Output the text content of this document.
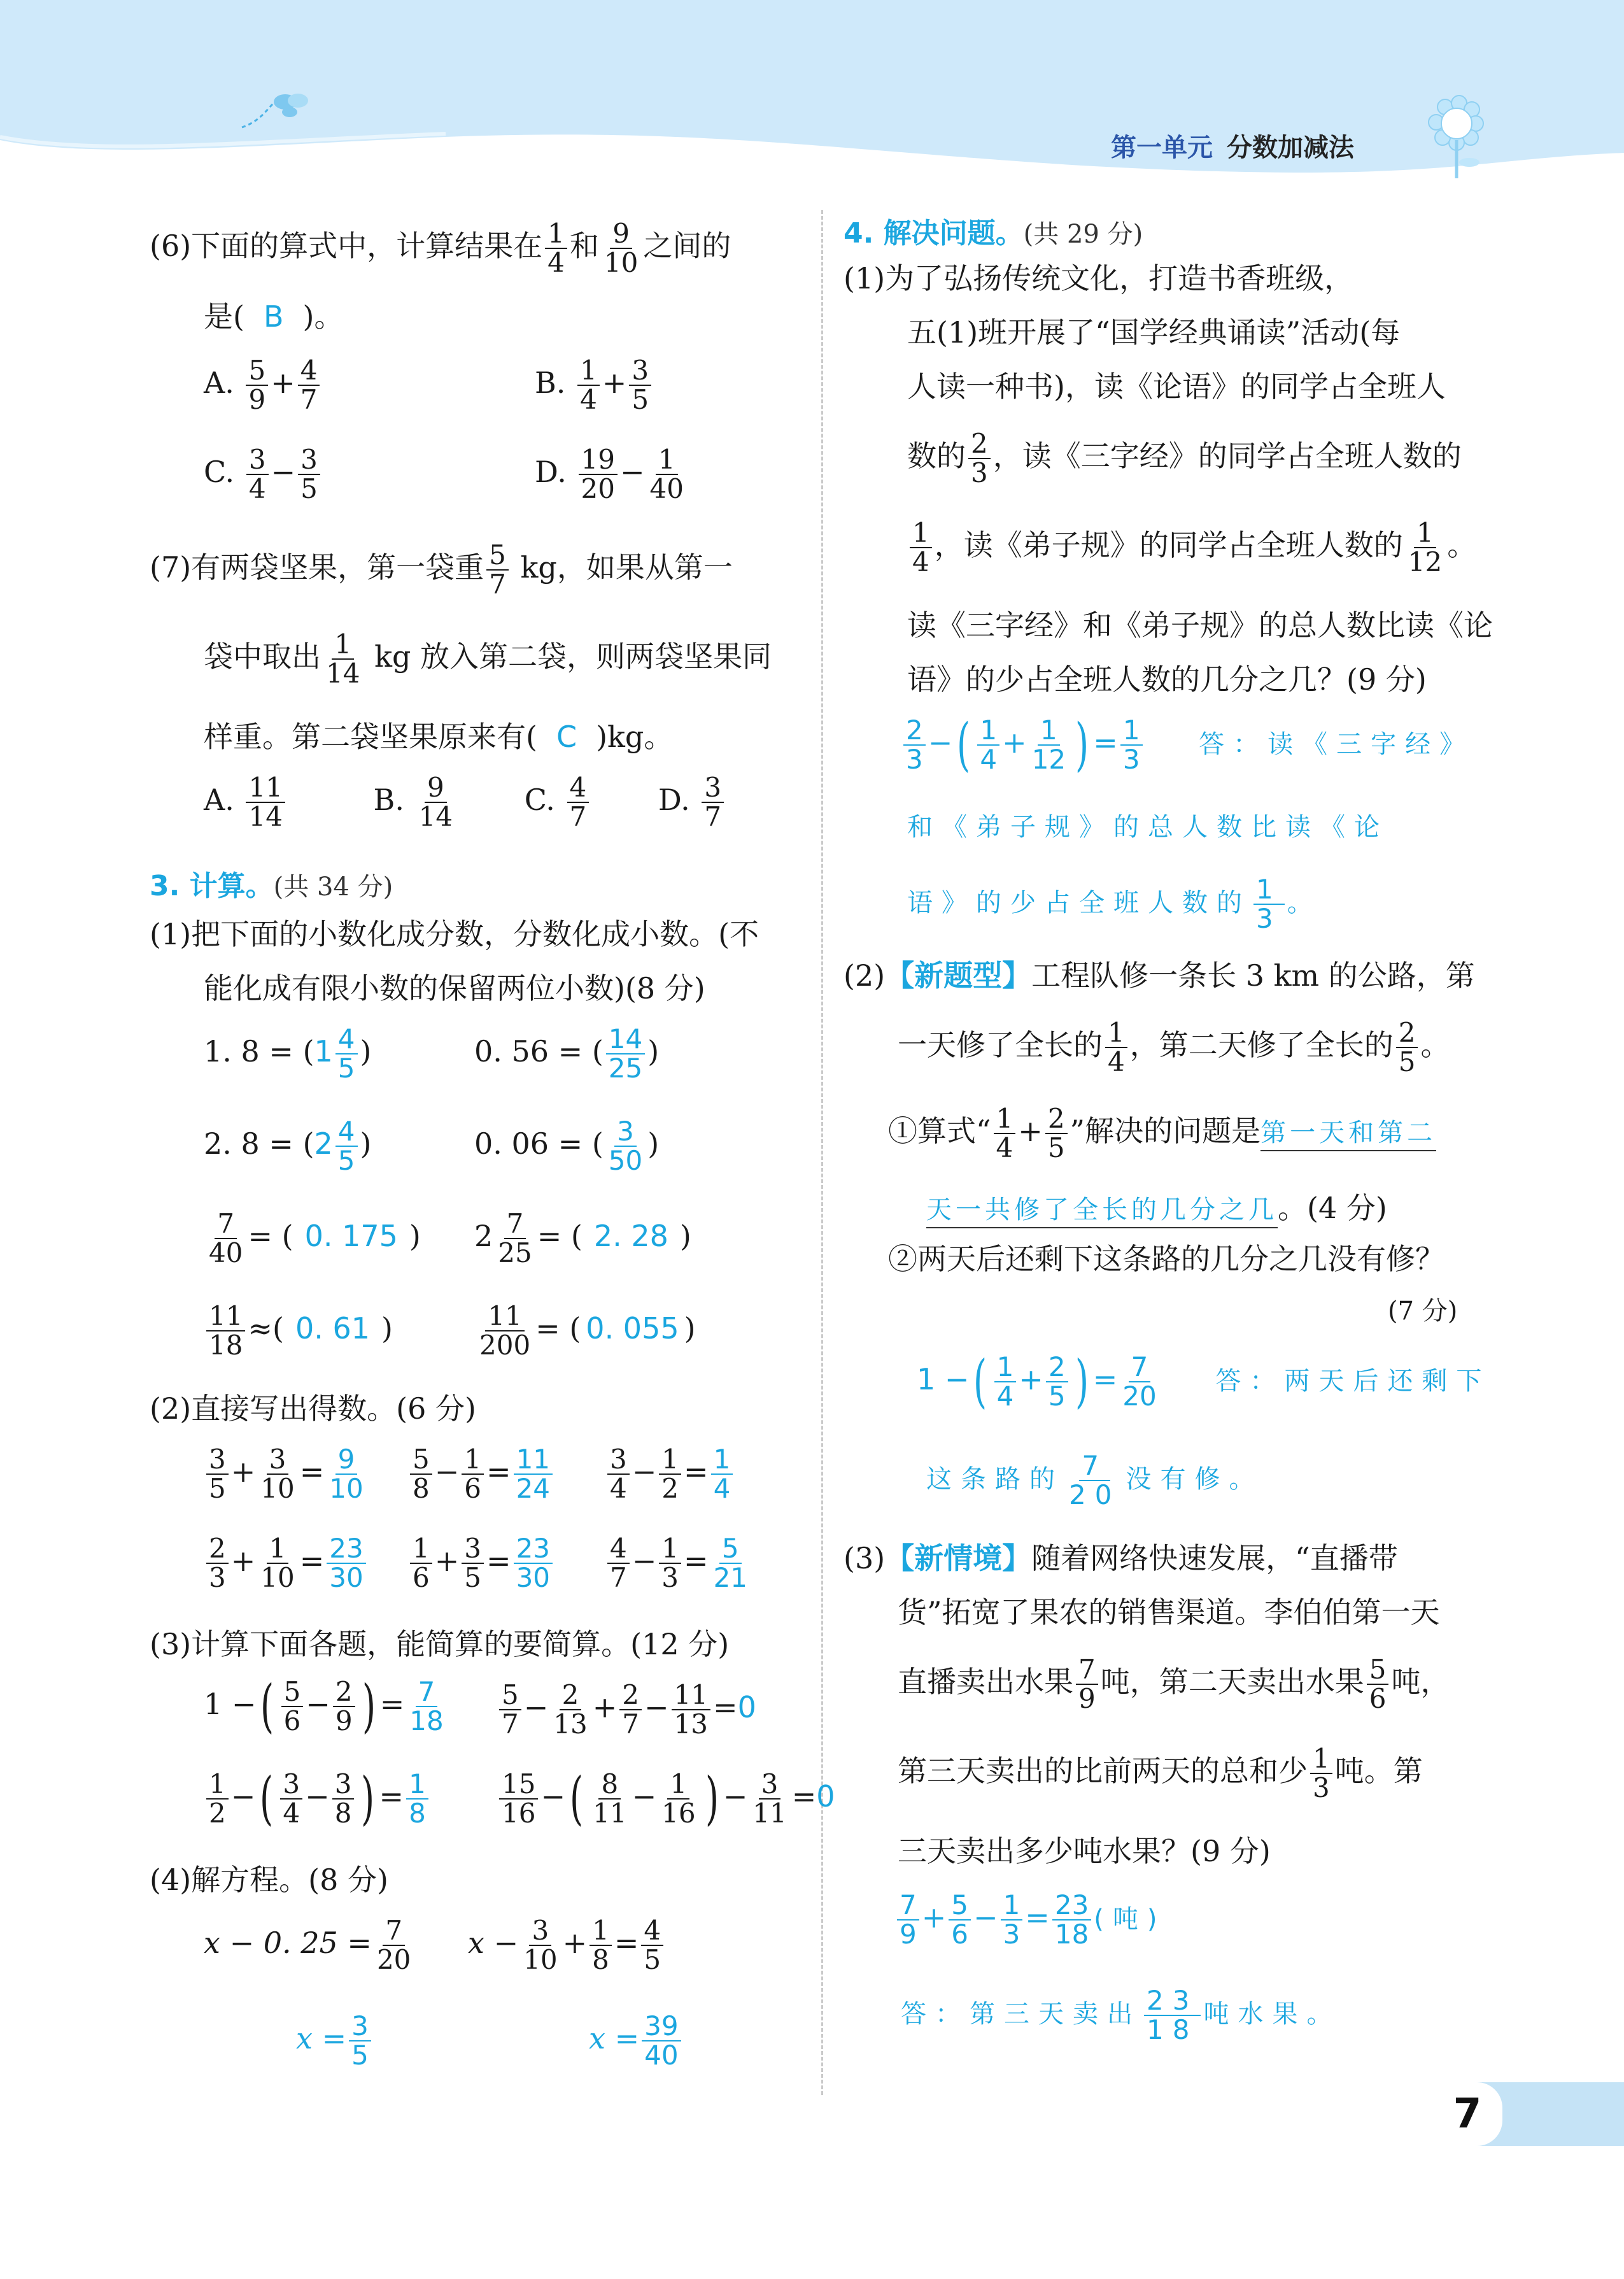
第一单元 分数加减法
(6)下面的算式中，计算结果在 $\frac{1}{4}$ 和 $\frac{9}{10}$ 之间的
是( B )。
A. $\frac{5}{9} + \frac{4}{7}$	B. $\frac{1}{4} + \frac{3}{5}$
C. $\frac{3}{4} - \frac{3}{5}$	D. $\frac{19}{20} - \frac{1}{40}$
(7)有两袋坚果，第一袋重 $\frac{5}{7}$ kg，如果从第一
袋中取出 $\frac{1}{14}$ kg 放入第二袋，则两袋坚果同
样重。第二袋坚果原来有( C )kg。
A. $\frac{11}{14}$	B. $\frac{9}{14} C$. $\frac{4}{7} D$. $\frac{3}{7}$
3. 计算。(共 34 分)
(1)把下面的小数化成分数，分数化成小数。(不
能化成有限小数的保留两位小数)(8 分)
1. $8 = (1 \frac{4}{5}$ )	0. 56 = ( $\frac{14}{25}$ )
2. $8 = (2 \frac{4}{5}$ )	0. 06 = ( $\frac{3}{50}$ )
$\frac{7}{40}$ = ( 0. 175 ) $2 \frac{7}{25}$ = ( 2. 28 )
$\frac{11}{18}$ ≈( 0. 61 )	$\frac{11}{200}$ = ( 0. 055 )
(2)直接写出得数。(6 分)
$\frac{3}{5} + \frac{3}{10} = \frac{9}{10} \frac{5}{8} - \frac{1}{6} = \frac{11}{24} \frac{3}{4} - \frac{1}{2} = \frac{1}{4}$
$\frac{2}{3} + \frac{1}{10} = \frac{23}{30} \frac{1}{6} + \frac{3}{5} = \frac{23}{30} \frac{4}{7} - \frac{1}{3} = \frac{5}{21}$
(3)计算下面各题，能简算的要简算。(12 分)
1 −( $\frac{5}{6} - \frac{2}{9}$ ) = $\frac{7}{18} \frac{5}{7} - \frac{2}{13} + \frac{2}{7} - \frac{11}{13} =0$
$\frac{1}{2}$ −( $\frac{3}{4} - \frac{3}{8}$ ) = $\frac{1}{8}$	$\frac{15}{16}$ −( $\frac{8}{11} - \frac{1}{16}$ ) − $\frac{3}{11} =0$
(4)解方程。(8 分)
x − 0. $25 = \frac{7}{20}$ $x - \frac{3}{10} + \frac{1}{8} = \frac{4}{5}$
$x = \frac{3}{5}$	$x = \frac{39}{40}$
4. 解决问题。(共 29 分)
(1)为了弘扬传统文化，打造书香班级，
五(1)班开展了“国学经典诵读”活动(每
人读一种书)，读《论语》的同学占全班人
数的 $\frac{2}{3}$ ，读《三字经》的同学占全班人数的
$\frac{1}{4}$ ，读《弟子规》的同学占全班人数的 $\frac{1}{12}$ 。
读《三字经》和《弟子规》的总人数比读《论
语》的少占全班人数的几分之几？(9 分)
$\frac{2}{3}$ −( $\frac{1}{4} + \frac{1}{12}$ ) = $\frac{1}{3}$ 答：读《三字经》
和《弟子规》的总人数比读《论
语》的少占全班人数的 $\frac{1}{3}$ 。
(2)【新题型】工程队修一条长 3 km 的公路，第
一天修了全长的 $\frac{1}{4}$ ，第二天修了全长的 $\frac{2}{5}$ 。
①算式“ $\frac{1}{4} + \frac{2}{5}$ ”解决的问题是第一天和第二
天一共修了全长的几分之几。(4 分)
②两天后还剩下这条路的几分之几没有修？
(7 分)
1 −( $\frac{1}{4} + \frac{2}{5}$ ) = $\frac{7}{20}$ 答：两天后还剩下
这条路的 $\frac{7}{20}$ 没有修。
(3)【新情境】随着网络快速发展，“直播带
货”拓宽了果农的销售渠道。李伯伯第一天
直播卖出水果 $\frac{7}{9}$ 吨，第二天卖出水果 $\frac{5}{6}$ 吨，
第三天卖出的比前两天的总和少 $\frac{1}{3}$ 吨。第
三天卖出多少吨水果？(9 分)
$\frac{7}{9} + \frac{5}{6} - \frac{1}{3} = \frac{23}{18}$ (吨)
答：第三天卖出 $\frac{23}{18}$ 吨水果。
7
